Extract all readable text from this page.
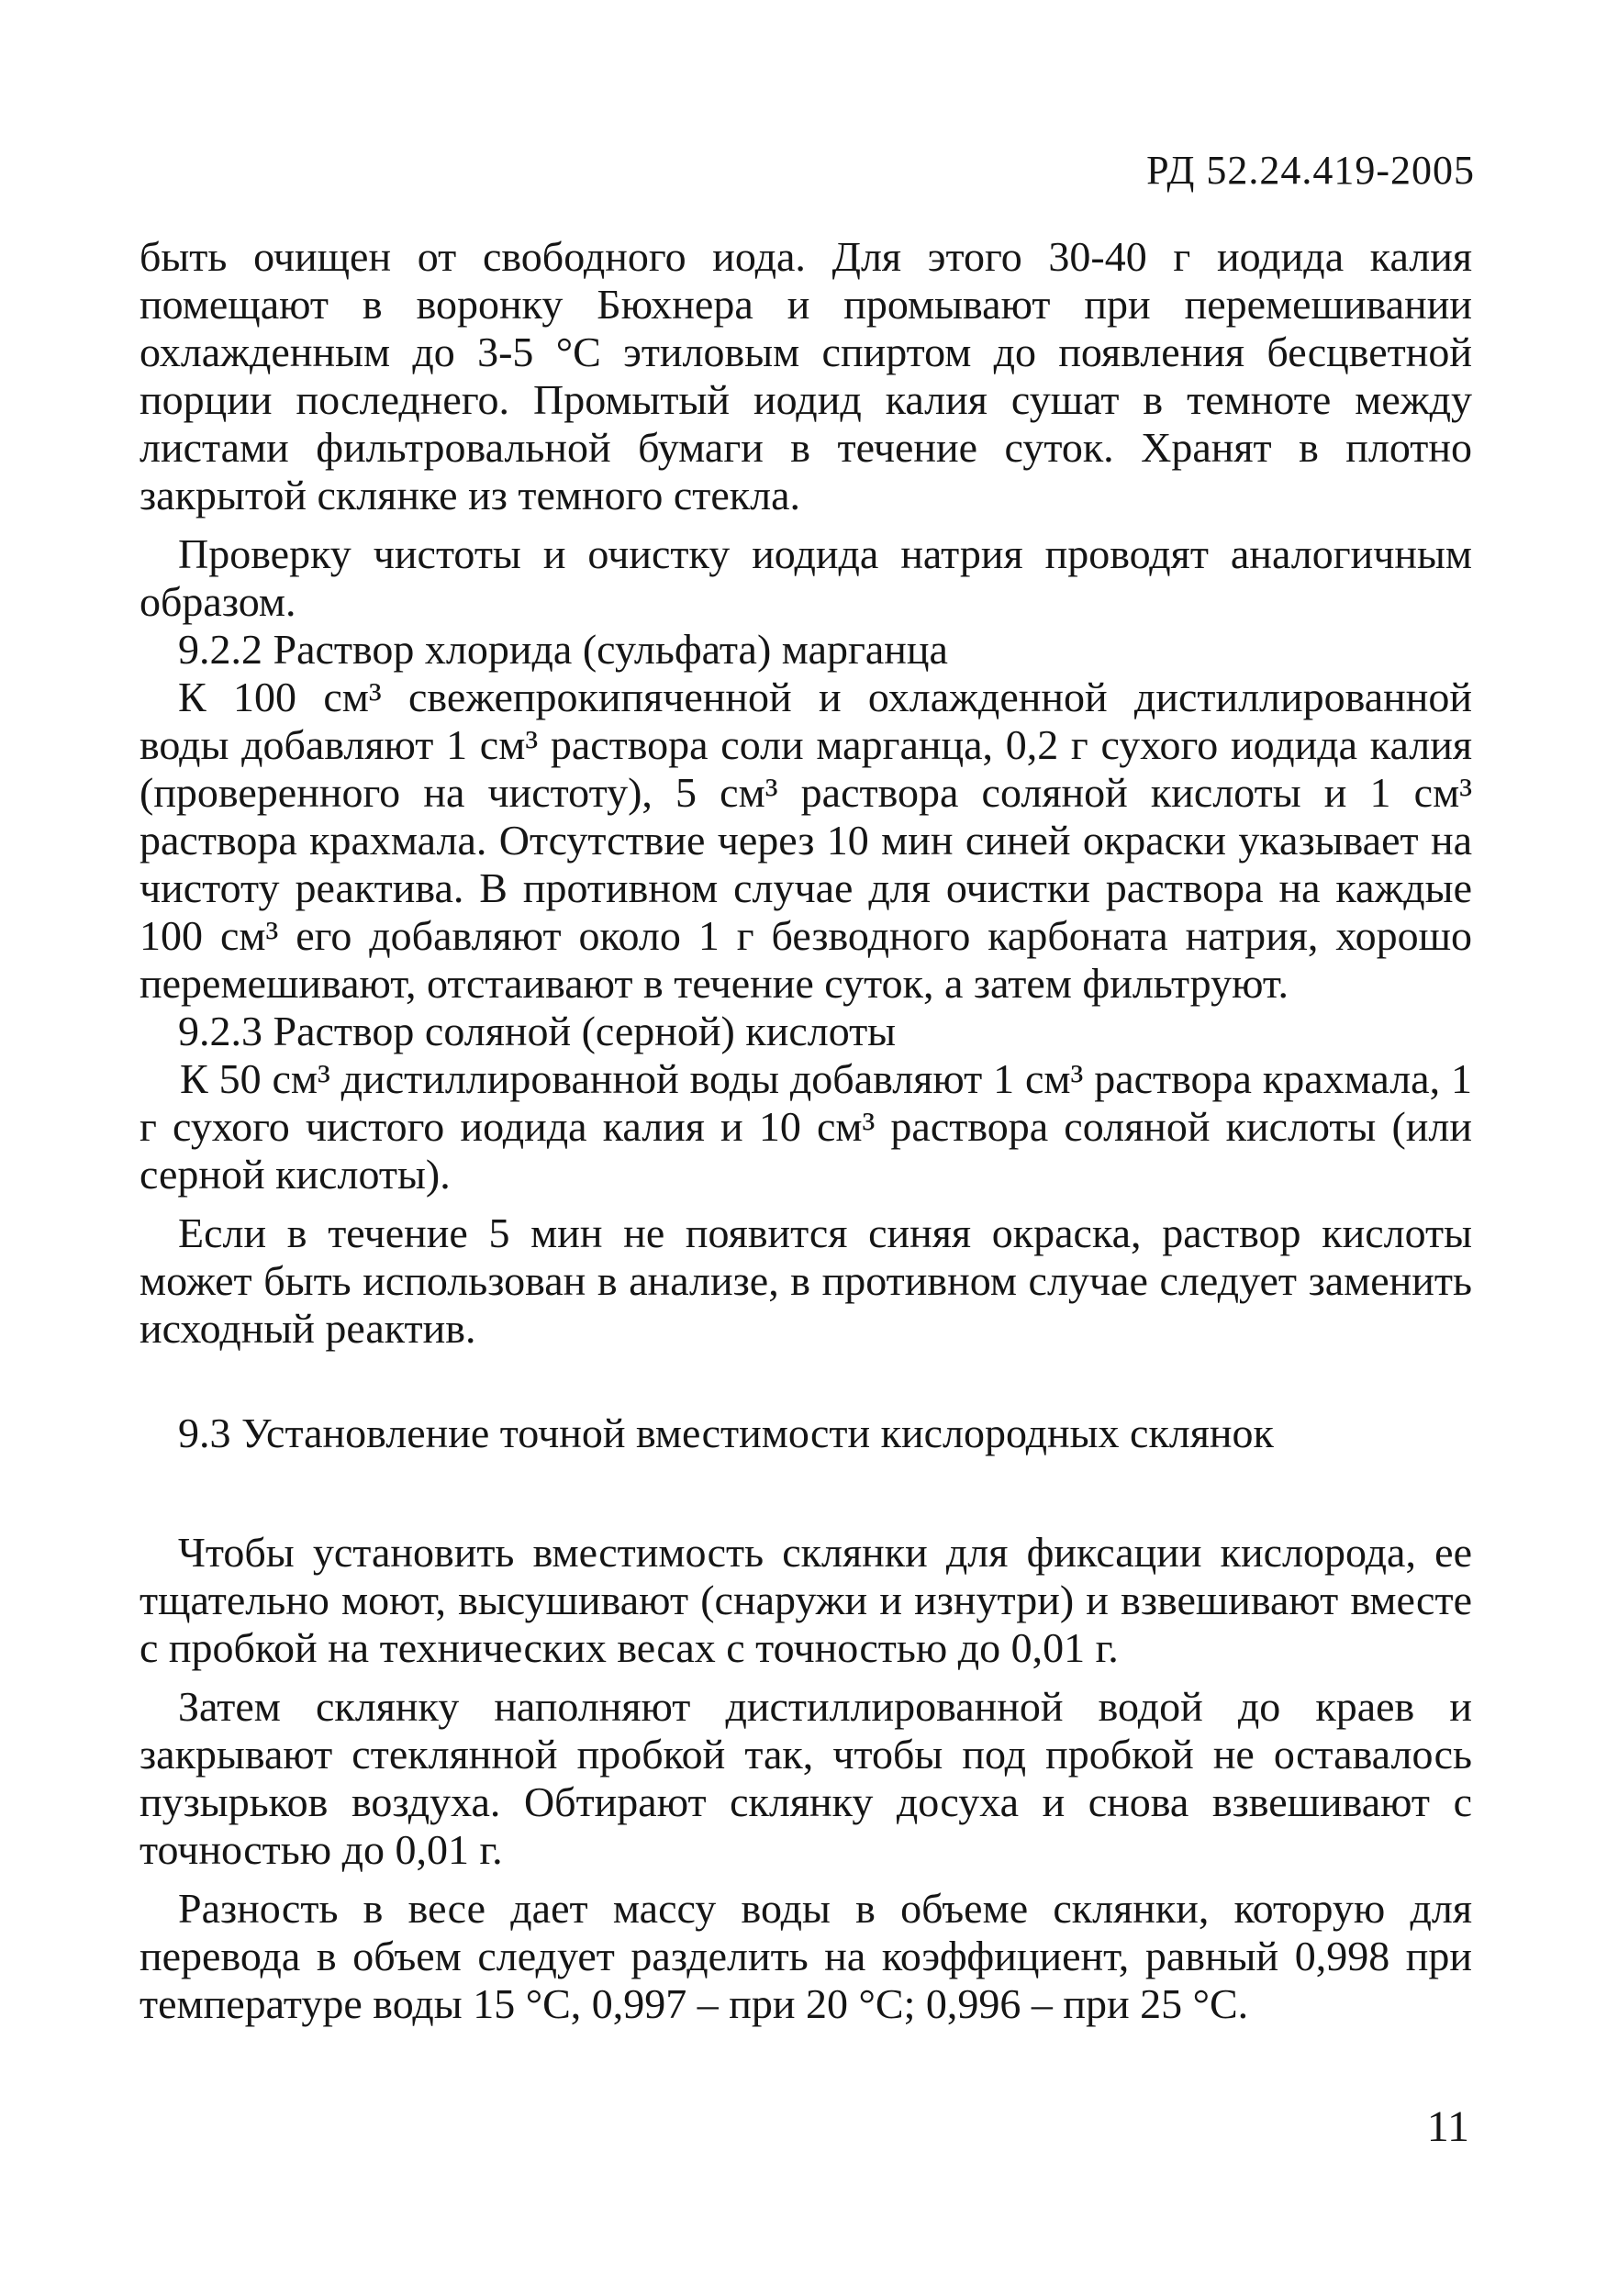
РД 52.24.419-2005

быть очищен от свободного иода. Для этого 30-40 г иодида калия помещают в воронку Бюхнера и промывают при перемешивании охлажденным до 3-5 °С этиловым спиртом до появления бесцветной порции последнего. Промытый иодид калия сушат в темноте между листами фильтровальной бумаги в течение суток. Хранят в плотно закрытой склянке из темного стекла.

Проверку чистоты и очистку иодида натрия проводят аналогичным образом.

9.2.2 Раствор хлорида (сульфата) марганца

К 100 см³ свежепрокипяченной и охлажденной дистиллированной воды добавляют 1 см³ раствора соли марганца, 0,2 г сухого иодида калия (проверенного на чистоту), 5 см³ раствора соляной кислоты и 1 см³ раствора крахмала. Отсутствие через 10 мин синей окраски указывает на чистоту реактива. В противном случае для очистки раствора на каждые 100 см³ его добавляют около 1 г безводного карбоната натрия, хорошо перемешивают, отстаивают в течение суток, а затем фильтруют.

9.2.3 Раствор соляной (серной) кислоты

К 50 см³ дистиллированной воды добавляют 1 см³ раствора крахмала, 1 г сухого чистого иодида калия и 10 см³ раствора соляной кислоты (или серной кислоты).

Если в течение 5 мин не появится синяя окраска, раствор кислоты может быть использован в анализе, в противном случае следует заменить исходный реактив.

9.3 Установление точной вместимости кислородных склянок

Чтобы установить вместимость склянки для фиксации кислорода, ее тщательно моют, высушивают (снаружи и изнутри) и взвешивают вместе с пробкой на технических весах с точностью до 0,01 г.

Затем склянку наполняют дистиллированной водой до краев и закрывают стеклянной пробкой так, чтобы под пробкой не оставалось пузырьков воздуха. Обтирают склянку досуха и снова взвешивают с точностью до 0,01 г.

Разность в весе дает массу воды в объеме склянки, которую для перевода в объем следует разделить на коэффициент, равный 0,998 при температуре воды 15 °С, 0,997 – при 20 °С; 0,996 – при 25 °С.

11
